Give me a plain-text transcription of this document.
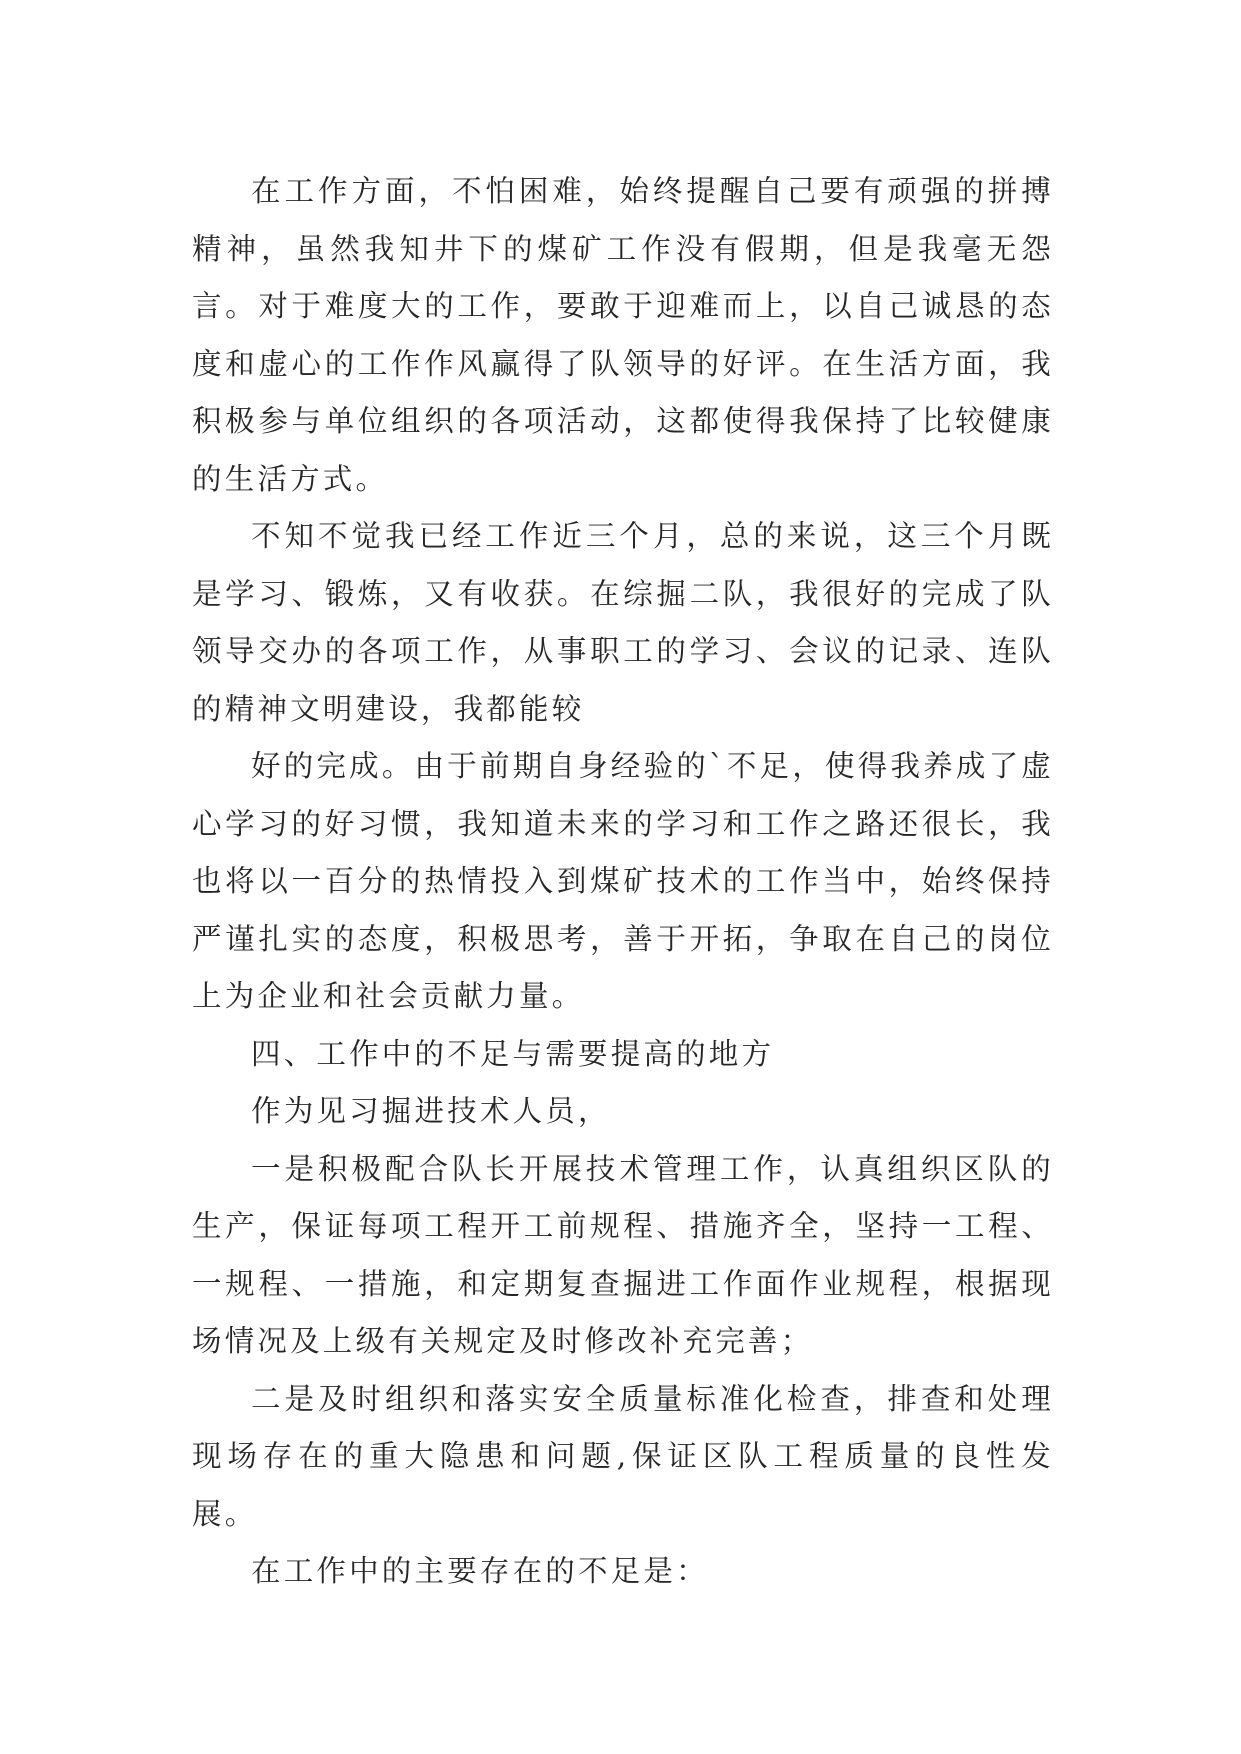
在工作方面，不怕困难，始终提醒自己要有顽强的拼搏精神，虽然我知井下的煤矿工作没有假期，但是我毫无怨言。对于难度大的工作，要敢于迎难而上，以自己诚恳的态度和虚心的工作作风赢得了队领导的好评。在生活方面，我积极参与单位组织的各项活动，这都使得我保持了比较健康的生活方式。

不知不觉我已经工作近三个月，总的来说，这三个月既是学习、锻炼，又有收获。在综掘二队，我很好的完成了队领导交办的各项工作，从事职工的学习、会议的记录、连队的精神文明建设，我都能较

好的完成。由于前期自身经验的`不足，使得我养成了虚心学习的好习惯，我知道未来的学习和工作之路还很长，我也将以一百分的热情投入到煤矿技术的工作当中，始终保持严谨扎实的态度，积极思考，善于开拓，争取在自己的岗位上为企业和社会贡献力量。

四、工作中的不足与需要提高的地方

作为见习掘进技术人员，

一是积极配合队长开展技术管理工作，认真组织区队的生产，保证每项工程开工前规程、措施齐全，坚持一工程、一规程、一措施，和定期复查掘进工作面作业规程，根据现场情况及上级有关规定及时修改补充完善；

二是及时组织和落实安全质量标准化检查，排查和处理现场存在的重大隐患和问题,保证区队工程质量的良性发展。

在工作中的主要存在的不足是：
